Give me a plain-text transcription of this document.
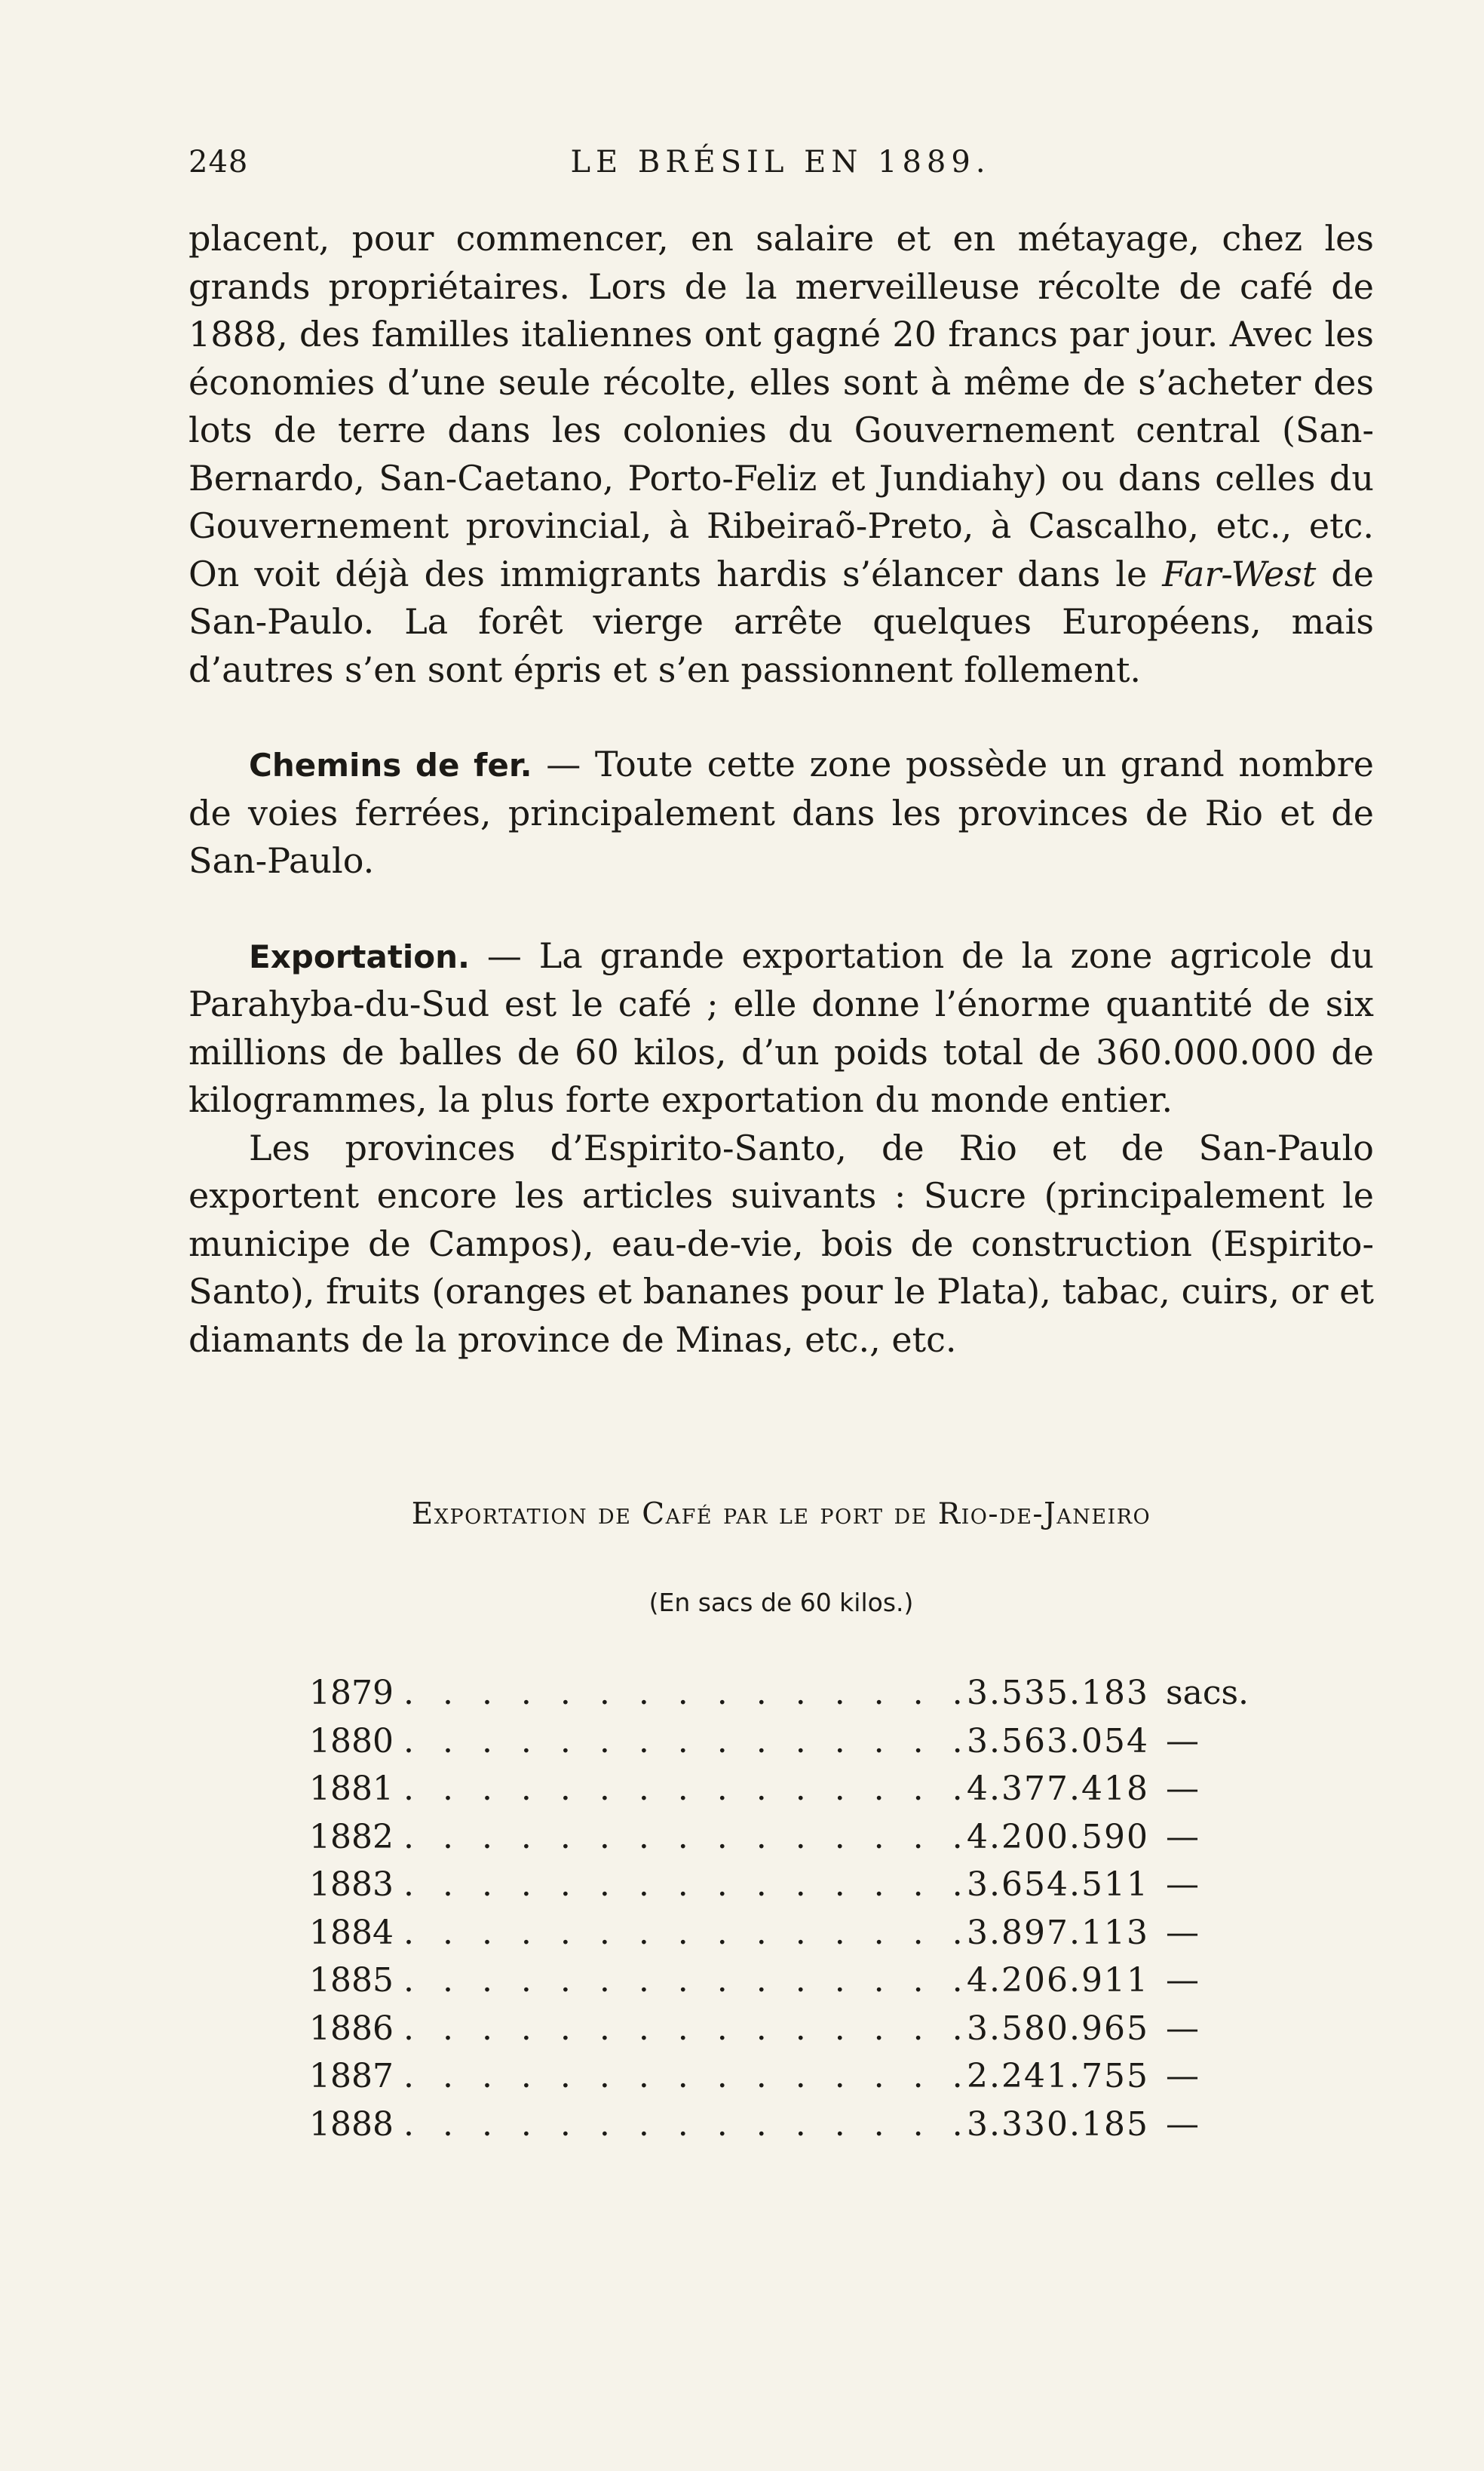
248	LE BRÉSIL EN 1889.

placent, pour commencer, en salaire et en métayage, chez les grands propriétaires. Lors de la merveilleuse récolte de café de 1888, des familles italiennes ont gagné 20 francs par jour. Avec les économies d’une seule récolte, elles sont à même de s’acheter des lots de terre dans les colonies du Gouvernement central (San-Bernardo, San-Caetano, Porto-Feliz et Jundiahy) ou dans celles du Gouvernement provincial, à Ribeiraõ-Preto, à Cascalho, etc., etc. On voit déjà des immigrants hardis s’élancer dans le Far-West de San-Paulo. La forêt vierge arrête quelques Européens, mais d’autres s’en sont épris et s’en passionnent follement.

Chemins de fer. — Toute cette zone possède un grand nombre de voies ferrées, principalement dans les provinces de Rio et de San-Paulo.

Exportation. — La grande exportation de la zone agricole du Parahyba-du-Sud est le café ; elle donne l’énorme quantité de six millions de balles de 60 kilos, d’un poids total de 360.000.000 de kilogrammes, la plus forte exportation du monde entier.

Les provinces d’Espirito-Santo, de Rio et de San-Paulo exportent encore les articles suivants : Sucre (principalement le municipe de Campos), eau-de-vie, bois de construction (Espirito-Santo), fruits (oranges et bananes pour le Plata), tabac, cuirs, or et diamants de la province de Minas, etc., etc.

Exportation de Café par le port de Rio-de-Janeiro
(En sacs de 60 kilos.)
1879 . . . . . . . . . . . . . . .
3.535.183 sacs.
1880 . . . . . . . . . . . . . . .
3.563.054 —
1881 . . . . . . . . . . . . . . .
4.377.418 —
1882 . . . . . . . . . . . . . . .
4.200.590 —
1883 . . . . . . . . . . . . . . .
3.654.511 —
1884 . . . . . . . . . . . . . . .
3.897.113 —
1885 . . . . . . . . . . . . . . .
4.206.911 —
1886 . . . . . . . . . . . . . . .
3.580.965 —
1887 . . . . . . . . . . . . . . .
2.241.755 —
1888 . . . . . . . . . . . . . . .
3.330.185 —
